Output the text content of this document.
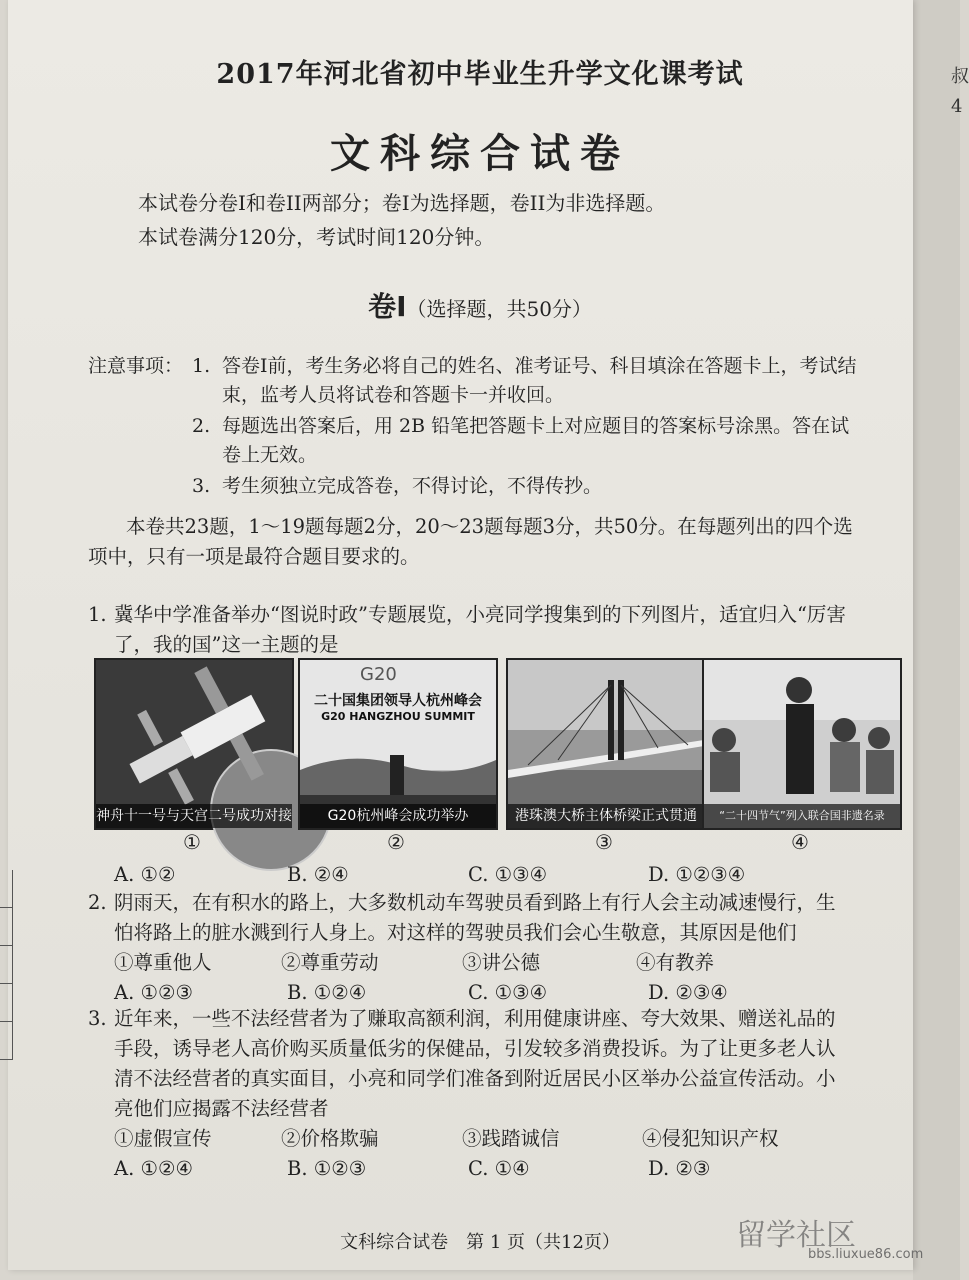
叔
4
2017年河北省初中毕业生升学文化课考试
文科综合试卷
本试卷分卷I和卷II两部分；卷I为选择题，卷II为非选择题。
本试卷满分120分，考试时间120分钟。
卷I（选择题，共50分）
注意事项： 1. 答卷I前，考生务必将自己的姓名、准考证号、科目填涂在答题卡上，考试结束，监考人员将试卷和答题卡一并收回。
2. 每题选出答案后，用 2B 铅笔把答题卡上对应题目的答案标号涂黑。答在试卷上无效。
3. 考生须独立完成答卷，不得讨论，不得传抄。
本卷共23题，1～19题每题2分，20～23题每题3分，共50分。在每题列出的四个选项中，只有一项是最符合题目要求的。
1. 冀华中学准备举办“图说时政”专题展览，小亮同学搜集到的下列图片，适宜归入“厉害
了，我的国”这一主题的是
神舟十一号与天宫二号成功对接
①
G20
二十国集团领导人杭州峰会
G20 HANGZHOU SUMMIT
G20杭州峰会成功举办
②
港珠澳大桥主体桥梁正式贯通
③
“二十四节气”列入联合国非遗名录
④
A. ①②	B. ②④	C. ①③④	D. ①②③④
2. 阴雨天，在有积水的路上，大多数机动车驾驶员看到路上有行人会主动减速慢行，生
怕将路上的脏水溅到行人身上。对这样的驾驶员我们会心生敬意，其原因是他们
①尊重他人	②尊重劳动	③讲公德	④有教养
A. ①②③	B. ①②④	C. ①③④	D. ②③④
3. 近年来，一些不法经营者为了赚取高额利润，利用健康讲座、夸大效果、赠送礼品的
手段，诱导老人高价购买质量低劣的保健品，引发较多消费投诉。为了让更多老人认
清不法经营者的真实面目，小亮和同学们准备到附近居民小区举办公益宣传活动。小
亮他们应揭露不法经营者
①虚假宣传	②价格欺骗	③践踏诚信	④侵犯知识产权
A. ①②④	B. ①②③	C. ①④	D. ②③
文科综合试卷　第 1 页（共12页）	留学社区
bbs.liuxue86.com
